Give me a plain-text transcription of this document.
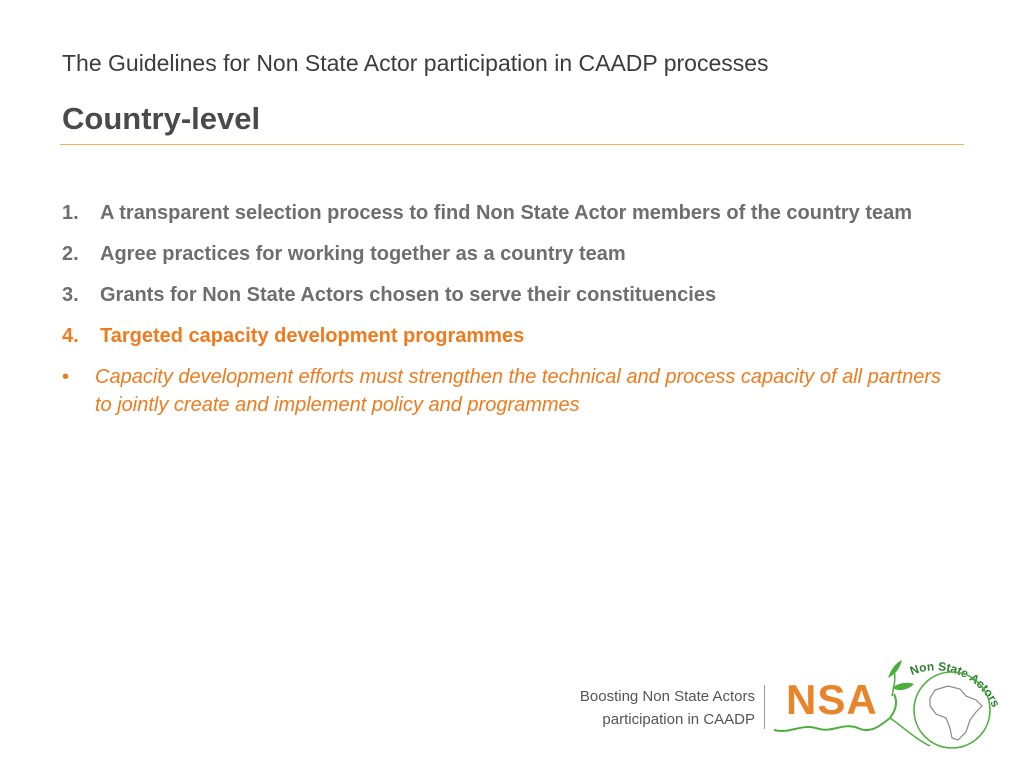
The Guidelines for Non State Actor participation in CAADP processes
Country-level
1. A transparent selection process to find Non State Actor members of the country team
2. Agree practices for working together as a country team
3. Grants for Non State Actors chosen to serve their constituencies
4. Targeted capacity development programmes
• Capacity development efforts must strengthen the technical and process capacity of all partners to jointly create and implement policy and programmes
Boosting Non State Actors
participation in CAADP
Non State Actors
NSA
